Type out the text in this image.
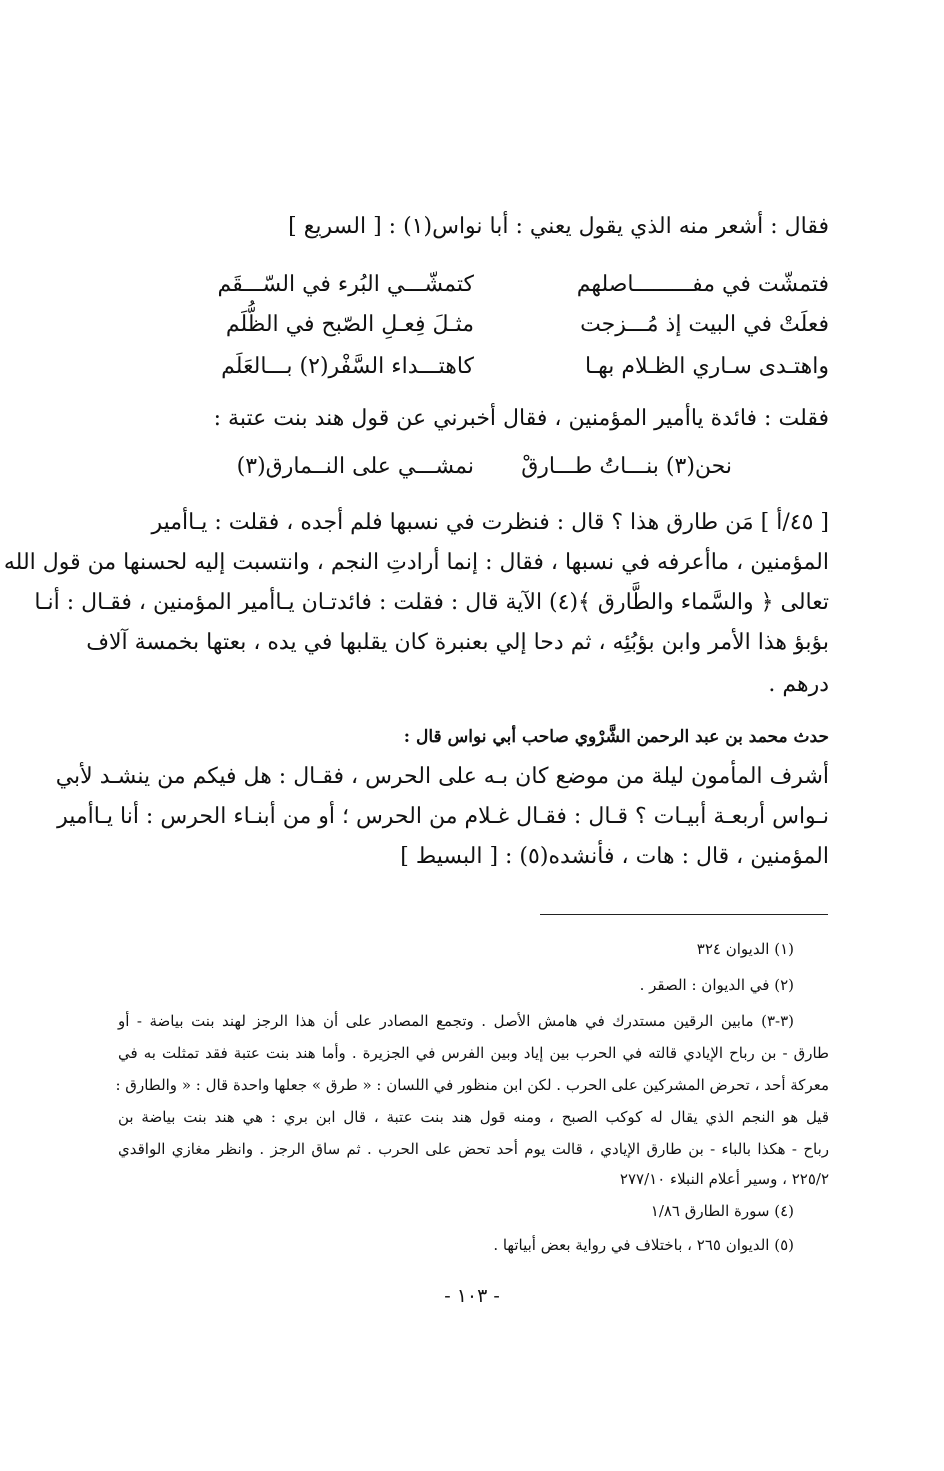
فقال : أشعر منه الذي يقول يعني : أبا نواس(١) : [ السريع ]
فتمشّت في مفـــــــــاصلهم
كتمشّـــي البُرء في السّـــقَم
فعلَتْ في البيت إذ مُـــزجت
مثـلَ فِعـلِ الصّبح في الظُّلَم
واهتـدى سـاري الظـلام بهـا
كاهتـــداء السَّفْر(٢) بـــالعَلَم
فقلت : فائدة ياأمير المؤمنين ، فقال أخبرني عن قول هند بنت عتبة :
نحن(٣) بنـــاتُ طـــارقْ
نمشـــي على النــمارق(٣)
[ ٤٥/أ ] مَن طارق هذا ؟ قال : فنظرت في نسبها فلم أجده ، فقلت : يـاأمير
المؤمنين ، ماأعرفه في نسبها ، فقال : إنما أرادتِ النجم ، وانتسبت إليه لحسنها من قول الله
تعالى ﴿ والسَّماء والطَّارق ﴾(٤) الآية قال : فقلت : فائدتـان يـاأمير المؤمنين ، فقـال : أنـا
بؤبؤ هذا الأمر وابن بؤبُئِه ، ثم دحا إلي بعنبرة كان يقلبها في يده ، بعتها بخمسة آلاف
درهم .
حدث محمد بن عبد الرحمن الشَّرْوي صاحب أبي نواس قال :
أشرف المأمون ليلة من موضع كان بـه على الحرس ، فقـال : هل فيكم من ينشـد لأبي
نـواس أربعـة أبيـات ؟ قـال : فقـال غـلام من الحرس ؛ أو من أبنـاء الحرس : أنا يـاأمير
المؤمنين ، قال : هات ، فأنشده(٥) : [ البسيط ]
(١) الديوان ٣٢٤
(٢) في الديوان : الصقر .
(٣-٣) مابين الرقين مستدرك في هامش الأصل . وتجمع المصادر على أن هذا الرجز لهند بنت بياضة - أو
طارق - بن رباح الإيادي قالته في الحرب بين إياد وبين الفرس في الجزيرة . وأما هند بنت عتبة فقد تمثلت به في
معركة أحد ، تحرض المشركين على الحرب . لكن ابن منظور في اللسان : « طرق » جعلها واحدة قال : « والطارق :
قيل هو النجم الذي يقال له كوكب الصبح ، ومنه قول هند بنت عتبة ، قال ابن بري : هي هند بنت بياضة بن
رباح - هكذا بالباء - بن طارق الإيادي ، قالت يوم أحد تحض على الحرب . ثم ساق الرجز . وانظر مغازي الواقدي
٢٢٥/٢ ، وسير أعلام النبلاء ٢٧٧/١٠
(٤) سورة الطارق ١/٨٦
(٥) الديوان ٢٦٥ ، باختلاف في رواية بعض أبياتها .
- ١٠٣ -
